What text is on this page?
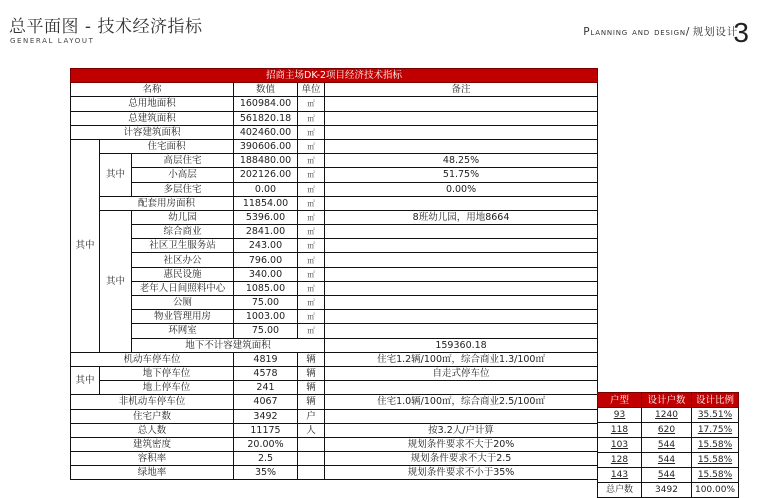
总平面图 - 技术经济指标
GENERAL LAYOUT
Planning and design/ 规划设计
3
招商主场DK-2项目经济技术指标						
名称			数值	单位	备注	
总用地面积			160984.00	㎡		
总建筑面积			561820.18	㎡		
计容建筑面积			402460.00	㎡		
其中	住宅面积		390606.00	㎡		
	其中	高层住宅	188480.00	㎡	48.25%	
		小高层	202126.00	㎡	51.75%	
		多层住宅	0.00	㎡	0.00%	
	配套用房面积		11854.00	㎡		
	其中	幼儿园	5396.00	㎡	8班幼儿园，用地8664	
		综合商业	2841.00	㎡		
		社区卫生服务站	243.00	㎡		
		社区办公	796.00	㎡		
		惠民设施	340.00	㎡		
		老年人日间照料中心	1085.00	㎡		
		公厕	75.00	㎡		
		物业管理用房	1003.00	㎡		
		环网室	75.00	㎡		
		地下不计容建筑面积			159360.18		
机动车停车位			4819	辆	住宅1.2辆/100㎡，综合商业1.3/100㎡	
其中	地下停车位		4578	辆	自走式停车位	
	地上停车位		241	辆		
非机动车停车位			4067	辆	住宅1.0辆/100㎡，综合商业2.5/100㎡	
住宅户数			3492	户		
总人数			11175	人	按3.2人/户计算	
建筑密度			20.00%		规划条件要求不大于20%	
容积率			2.5		规划条件要求不大于2.5	
绿地率			35%		规划条件要求不小于35%	
户型	设计户数	设计比例
93	1240	35.51%
118	620	17.75%
103	544	15.58%
128	544	15.58%
143	544	15.58%
总户数	3492	100.00%
